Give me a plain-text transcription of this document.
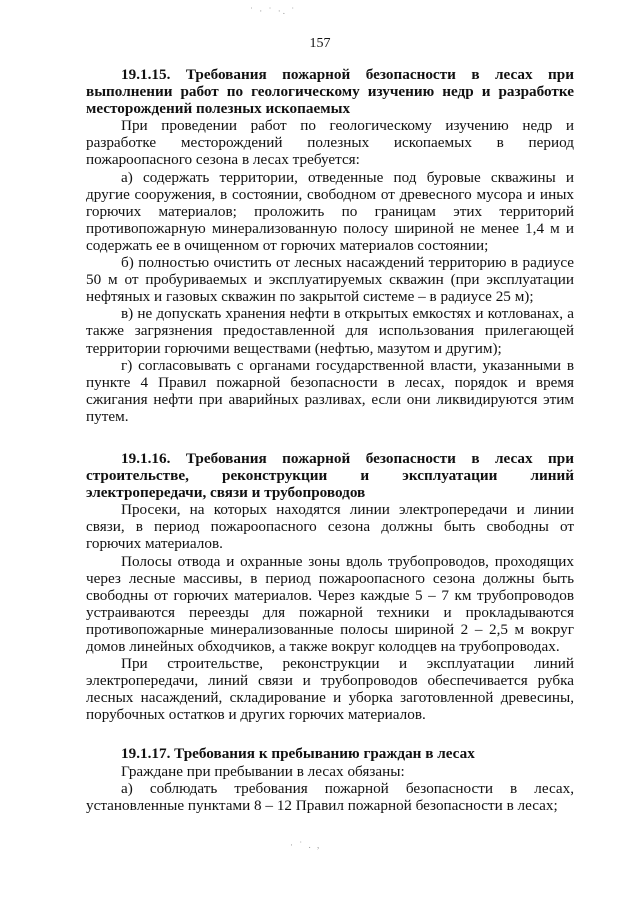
˙ · ˙ ·. ˙
157
19.1.15. Требования пожарной безопасности в лесах при выполнении работ по геологическому изучению недр и разработке месторождений полезных ископаемых
При проведении работ по геологическому изучению недр и разработке месторождений полезных ископаемых в период пожароопасного сезона в лесах требуется:
а) содержать территории, отведенные под буровые скважины и другие сооружения, в состоянии, свободном от древесного мусора и иных горючих материалов; проложить по границам этих территорий противопожарную минерализованную полосу шириной не менее 1,4 м и содержать ее в очищенном от горючих материалов состоянии;
б) полностью очистить от лесных насаждений территорию в радиусе 50 м от пробуриваемых и эксплуатируемых скважин (при эксплуатации нефтяных и газовых скважин по закрытой системе – в радиусе 25 м);
в) не допускать хранения нефти в открытых емкостях и котлованах, а также загрязнения предоставленной для использования прилегающей территории горючими веществами (нефтью, мазутом и другим);
г) согласовывать с органами государственной власти, указанными в пункте 4 Правил пожарной безопасности в лесах, порядок и время сжигания нефти при аварийных разливах, если они ликвидируются этим путем.
19.1.16. Требования пожарной безопасности в лесах при строительстве, реконструкции и эксплуатации линий электропередачи, связи и трубопроводов
Просеки, на которых находятся линии электропередачи и линии связи, в период пожароопасного сезона должны быть свободны от горючих материалов.
Полосы отвода и охранные зоны вдоль трубопроводов, проходящих через лесные массивы, в период пожароопасного сезона должны быть свободны от горючих материалов. Через каждые 5 – 7 км трубопроводов устраиваются переезды для пожарной техники и прокладываются противопожарные минерализованные полосы шириной 2 – 2,5 м вокруг домов линейных обходчиков, а также вокруг колодцев на трубопроводах.
При строительстве, реконструкции и эксплуатации линий электропередачи, линий связи и трубопроводов обеспечивается рубка лесных насаждений, складирование и уборка заготовленной древесины, порубочных остатков и других горючих материалов.
19.1.17. Требования к пребыванию граждан в лесах
Граждане при пребывании в лесах обязаны:
а) соблюдать требования пожарной безопасности в лесах, установленные пунктами 8 – 12 Правил пожарной безопасности в лесах;
· ˙ . ,
